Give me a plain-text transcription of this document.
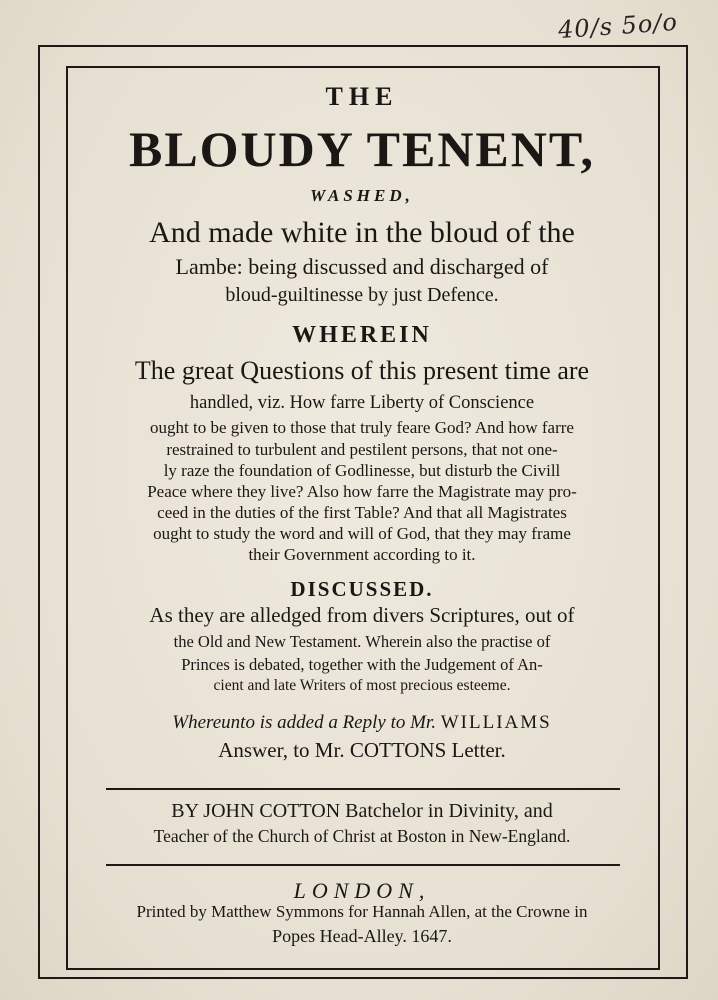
40/s 5o/o

THE

BLOUDY TENENT,

WASHED,

And made white in the bloud of the

Lambe: being discussed and discharged of

bloud-guiltinesse by just Defence.

WHEREIN

The great Questions of this present time are

handled, viz. How farre Liberty of Conscience

ought to be given to those that truly feare God? And how farre

restrained to turbulent and pestilent persons, that not one-

ly raze the foundation of Godlinesse, but disturb the Civill

Peace where they live? Also how farre the Magistrate may pro-

ceed in the duties of the first Table? And that all Magistrates

ought to study the word and will of God, that they may frame

their Government according to it.

DISCUSSED.

As they are alledged from divers Scriptures, out of

the Old and New Testament. Wherein also the practise of

Princes is debated, together with the Judgement of An-

cient and late Writers of most precious esteeme.

Whereunto is added a Reply to Mr. WILLIAMS

Answer, to Mr. COTTONS Letter.

BY JOHN COTTON Batchelor in Divinity, and

Teacher of the Church of Christ at Boston in New-England.

LONDON,

Printed by Matthew Symmons for Hannah Allen, at the Crowne in

Popes Head-Alley. 1647.
